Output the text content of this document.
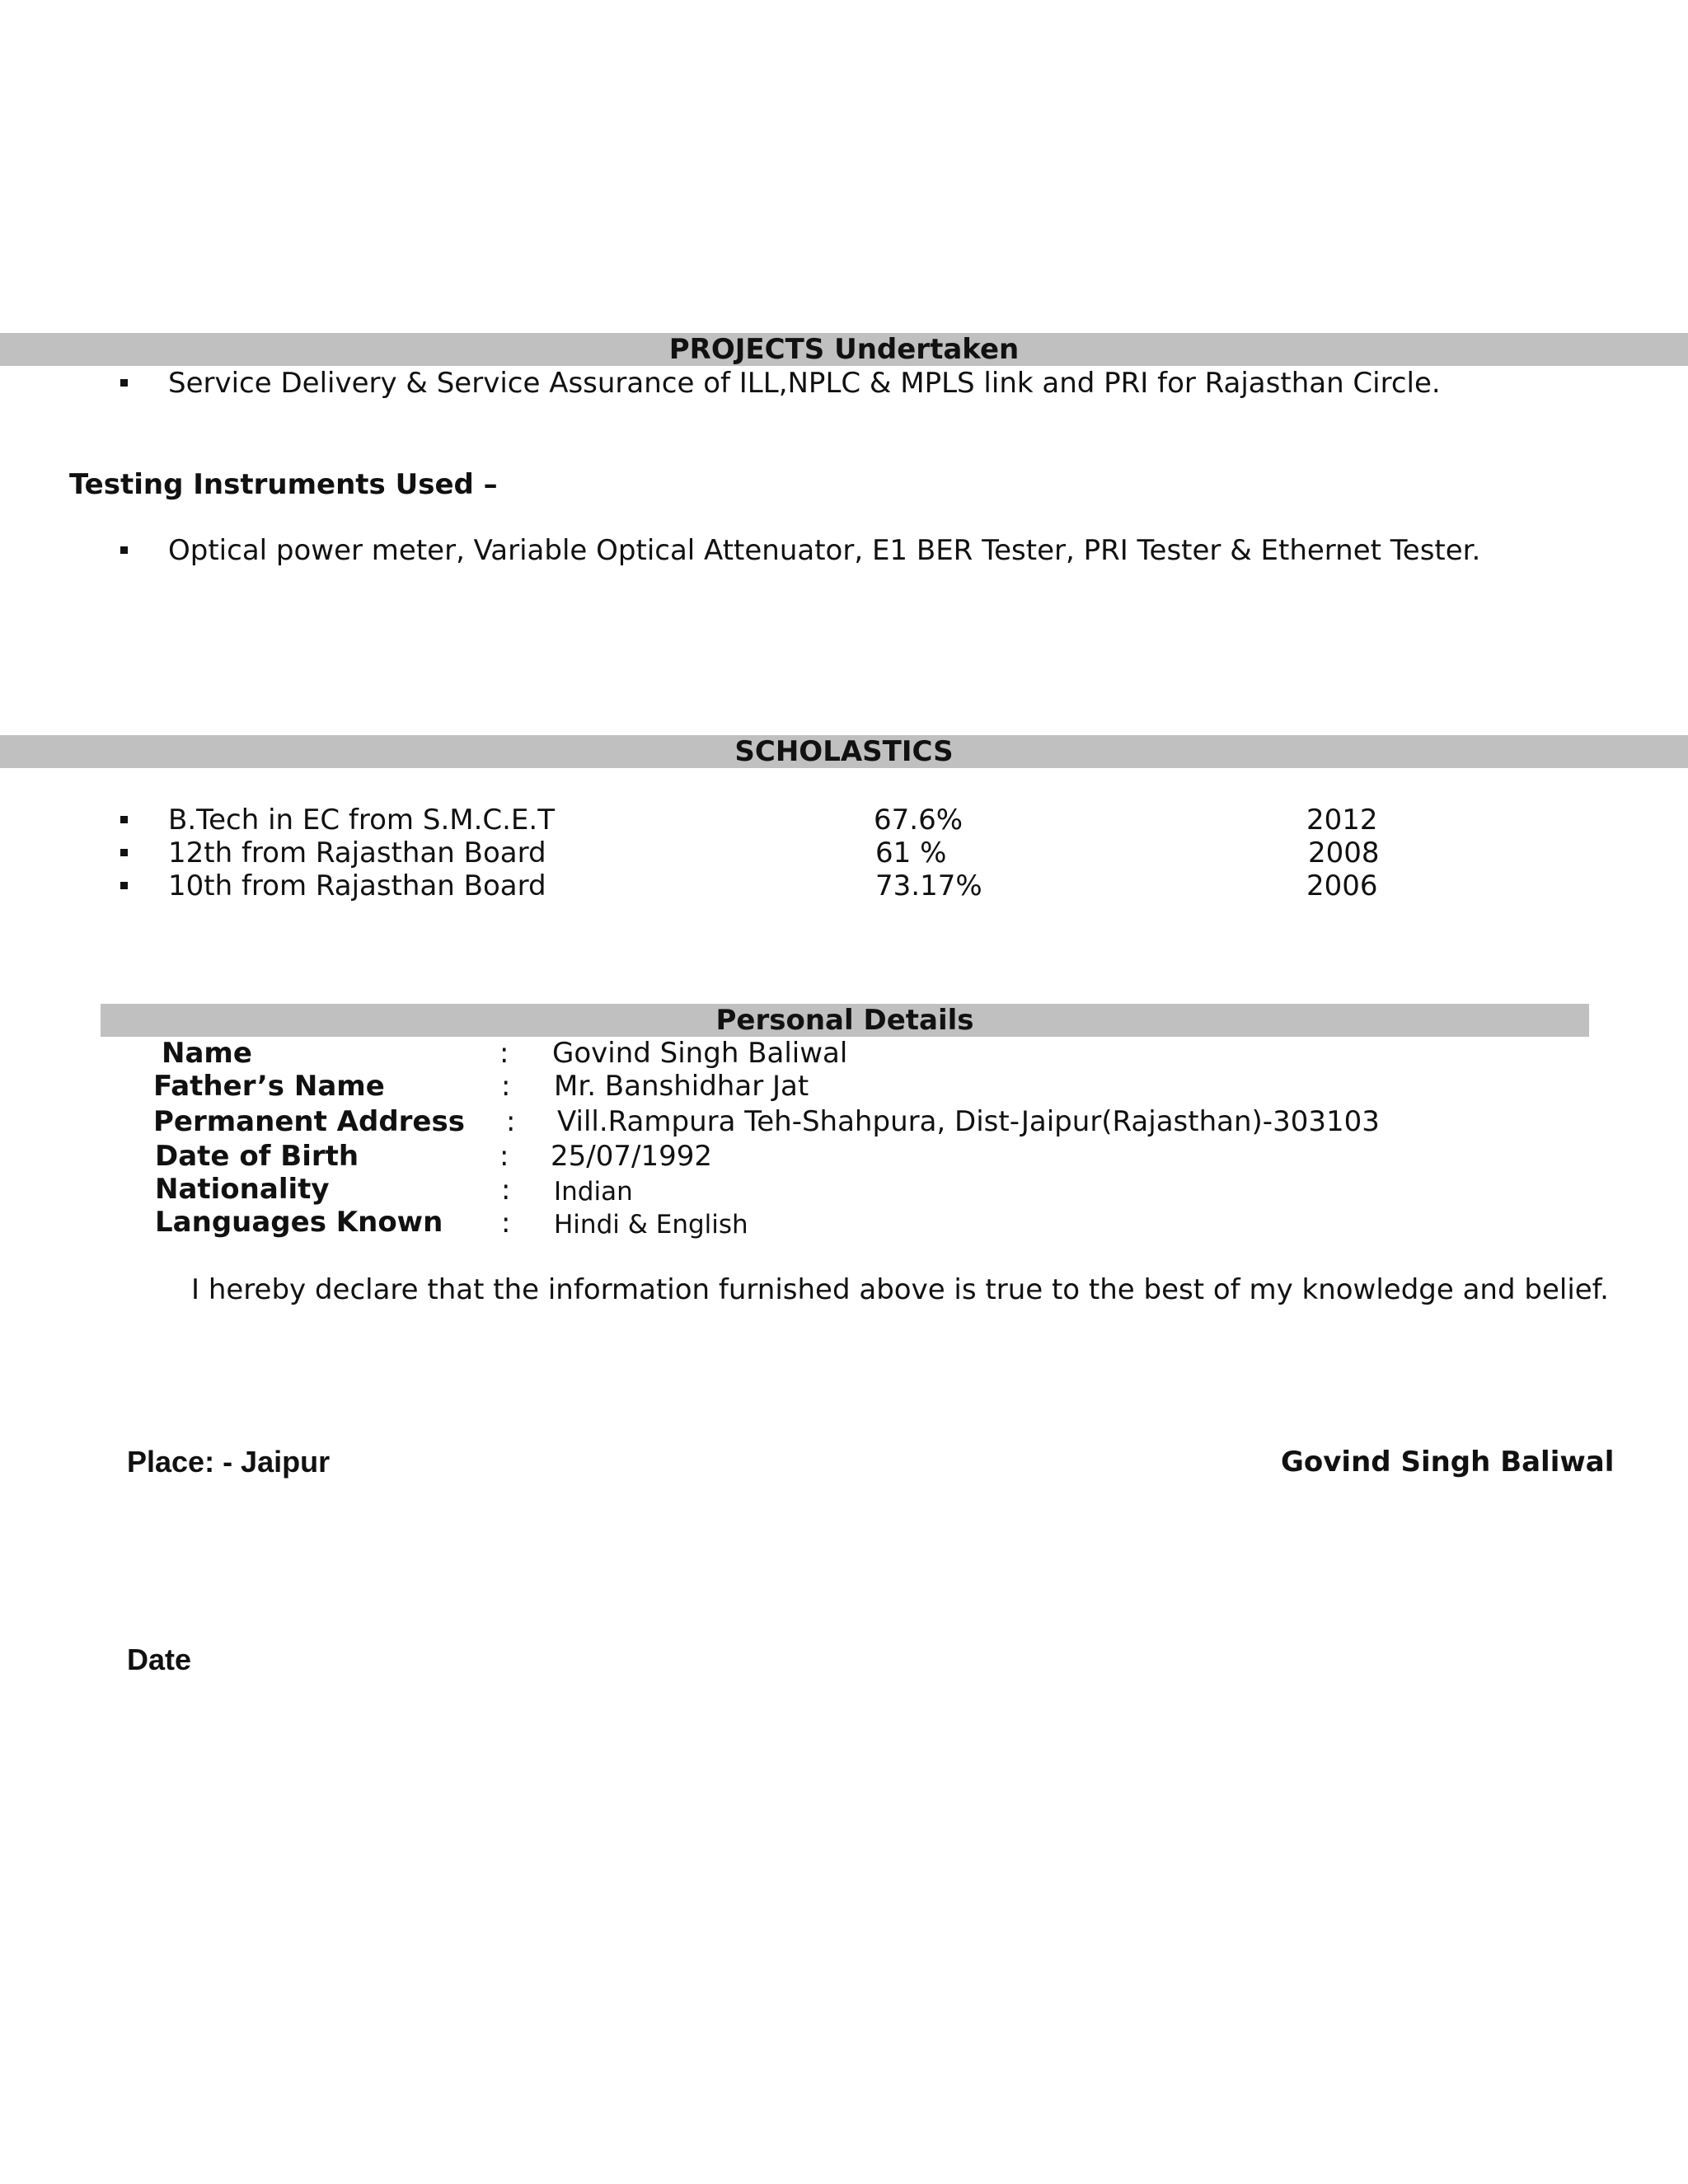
PROJECTS Undertaken
Service Delivery & Service Assurance of ILL,NPLC & MPLS link and PRI for Rajasthan Circle.
Testing Instruments Used –
Optical power meter, Variable Optical Attenuator, E1 BER Tester, PRI Tester & Ethernet Tester.
SCHOLASTICS
B.Tech in EC from S.M.C.E.T	67.6%	2012
12th from Rajasthan Board	61 %	2008
10th from Rajasthan Board	73.17%	2006
Personal Details
Name	: Govind Singh Baliwal
Father’s Name	: Mr. Banshidhar Jat
Permanent Address : Vill.Rampura Teh-Shahpura, Dist-Jaipur(Rajasthan)-303103
Date of Birth	: 25/07/1992
Nationality	: Indian
Languages Known : Hindi & English
I hereby declare that the information furnished above is true to the best of my knowledge and belief.
Place: - Jaipur	Govind Singh Baliwal
Date
